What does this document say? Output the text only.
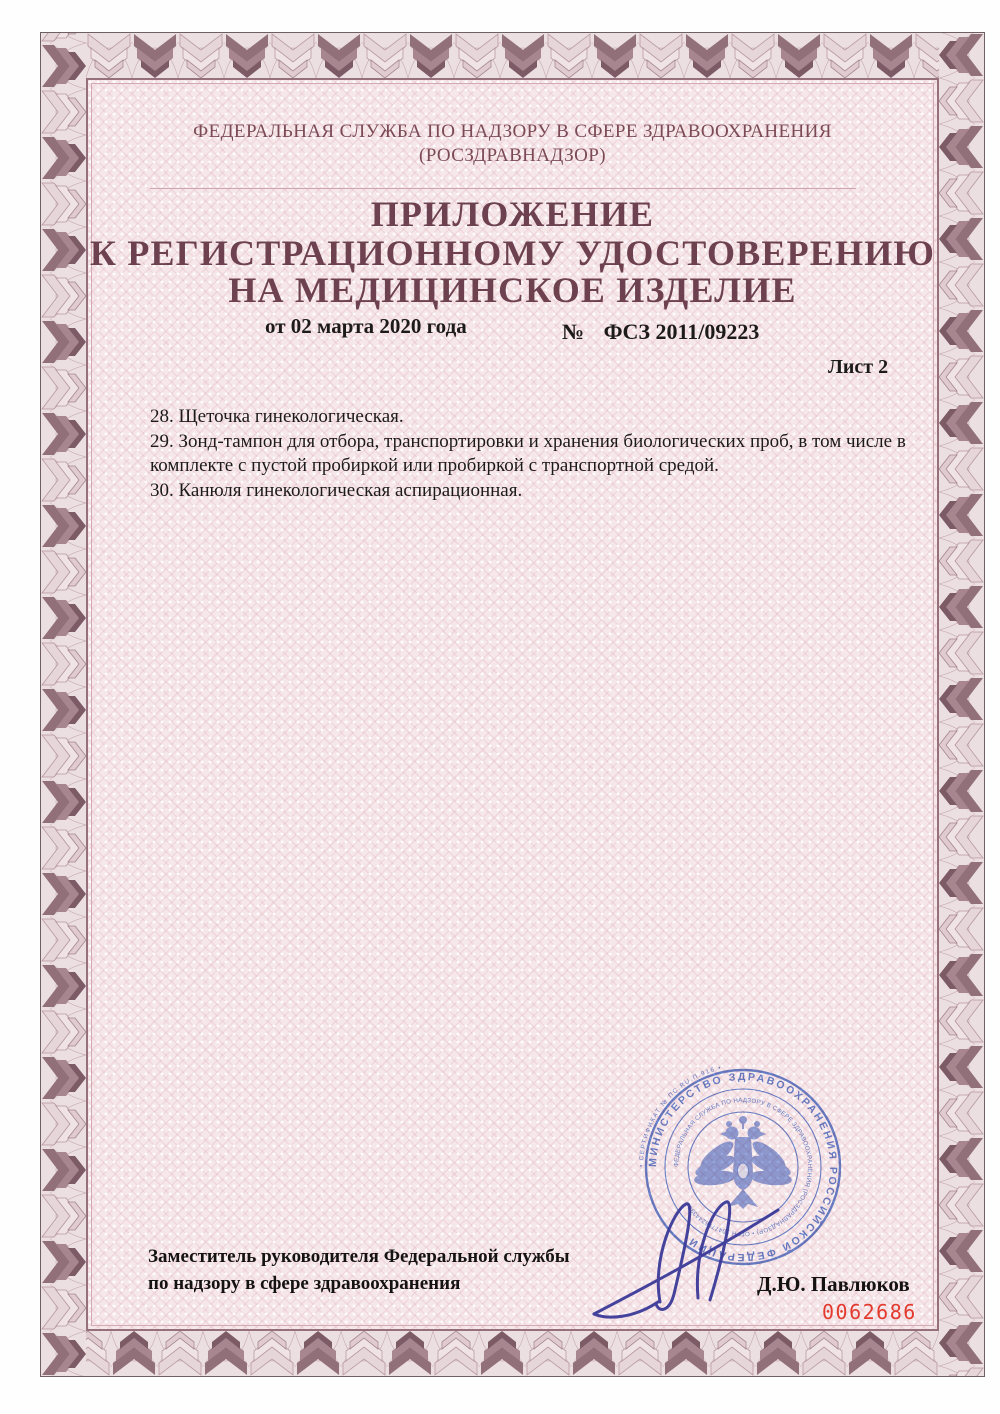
ФЕДЕРАЛЬНАЯ СЛУЖБА ПО НАДЗОРУ В СФЕРЕ ЗДРАВООХРАНЕНИЯ
(РОСЗДРАВНАДЗОР)
ПРИЛОЖЕНИЕ
К РЕГИСТРАЦИОННОМУ УДОСТОВЕРЕНИЮ
НА МЕДИЦИНСКОЕ ИЗДЕЛИЕ
от 02 марта 2020 года	№ ФСЗ 2011/09223
Лист 2

28. Щеточка гинекологическая.

29. Зонд-тампон для отбора, транспортировки и хранения биологических проб, в том числе в комплекте с пустой пробиркой или пробиркой с транспортной средой.

30. Канюля гинекологическая аспирационная.

• СЕРТИФИКАТ № ПС.RU.П.916 •
МИНИСТЕРСТВО ЗДРАВООХРАНЕНИЯ РОССИЙСКОЙ ФЕДЕРАЦИИ
ФЕДЕРАЛЬНАЯ СЛУЖБА ПО НАДЗОРУ В СФЕРЕ ЗДРАВООХРАНЕНИЯ (РОСЗДРАВНАДЗОР) • ОГРН 1047796244396
Заместитель руководителя Федеральной службы
по надзору в сфере здравоохранения	Д.Ю. Павлюков
0062686
